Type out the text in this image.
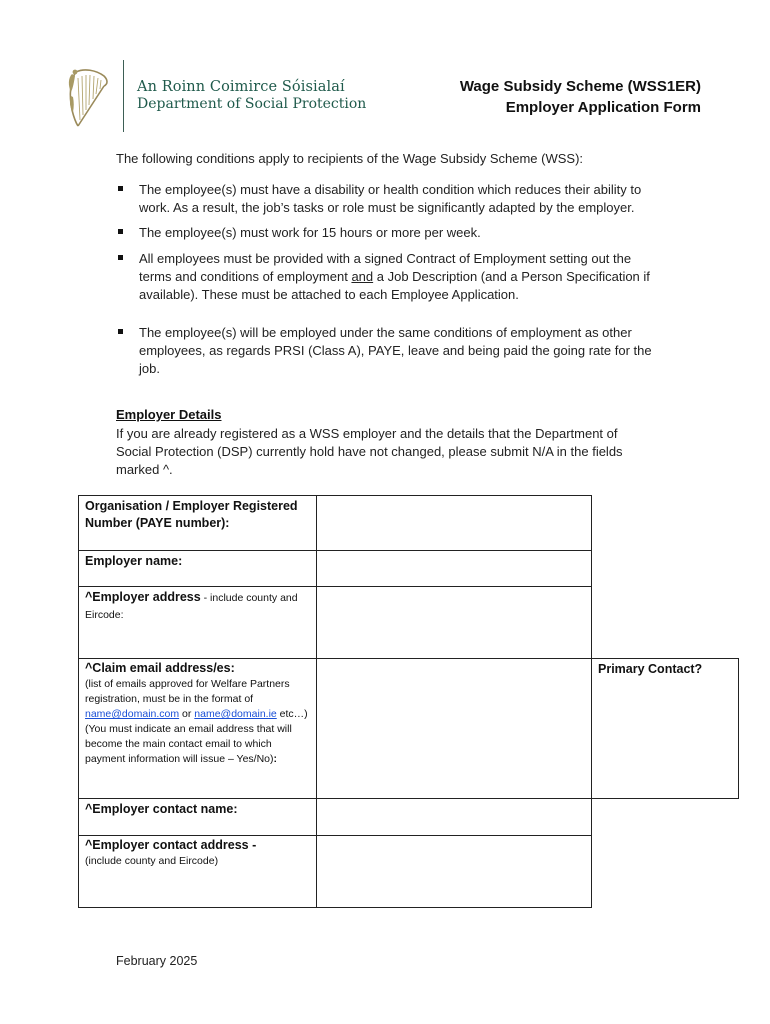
An Roinn Coimirce Sóisialaí
Department of Social Protection
Wage Subsidy Scheme (WSS1ER)
Employer Application Form
The following conditions apply to recipients of the Wage Subsidy Scheme (WSS):
The employee(s) must have a disability or health condition which reduces their ability to work. As a result, the job’s tasks or role must be significantly adapted by the employer.
The employee(s) must work for 15 hours or more per week.
All employees must be provided with a signed Contract of Employment setting out the terms and conditions of employment and a Job Description (and a Person Specification if available). These must be attached to each Employee Application.
The employee(s) will be employed under the same conditions of employment as other employees, as regards PRSI (Class A), PAYE, leave and being paid the going rate for the job.
Employer Details
If you are already registered as a WSS employer and the details that the Department of Social Protection (DSP) currently hold have not changed, please submit N/A in the fields marked ^.
Organisation / Employer Registered Number (PAYE number):
Employer name:
^Employer address - include county and Eircode:
^Claim email address/es:
(list of emails approved for Welfare Partners registration, must be in the format of name@domain.com or name@domain.ie etc…)
(You must indicate an email address that will become the main contact email to which payment information will issue – Yes/No):
Primary Contact?
^Employer contact name:
^Employer contact address -
(include county and Eircode)
February 2025
